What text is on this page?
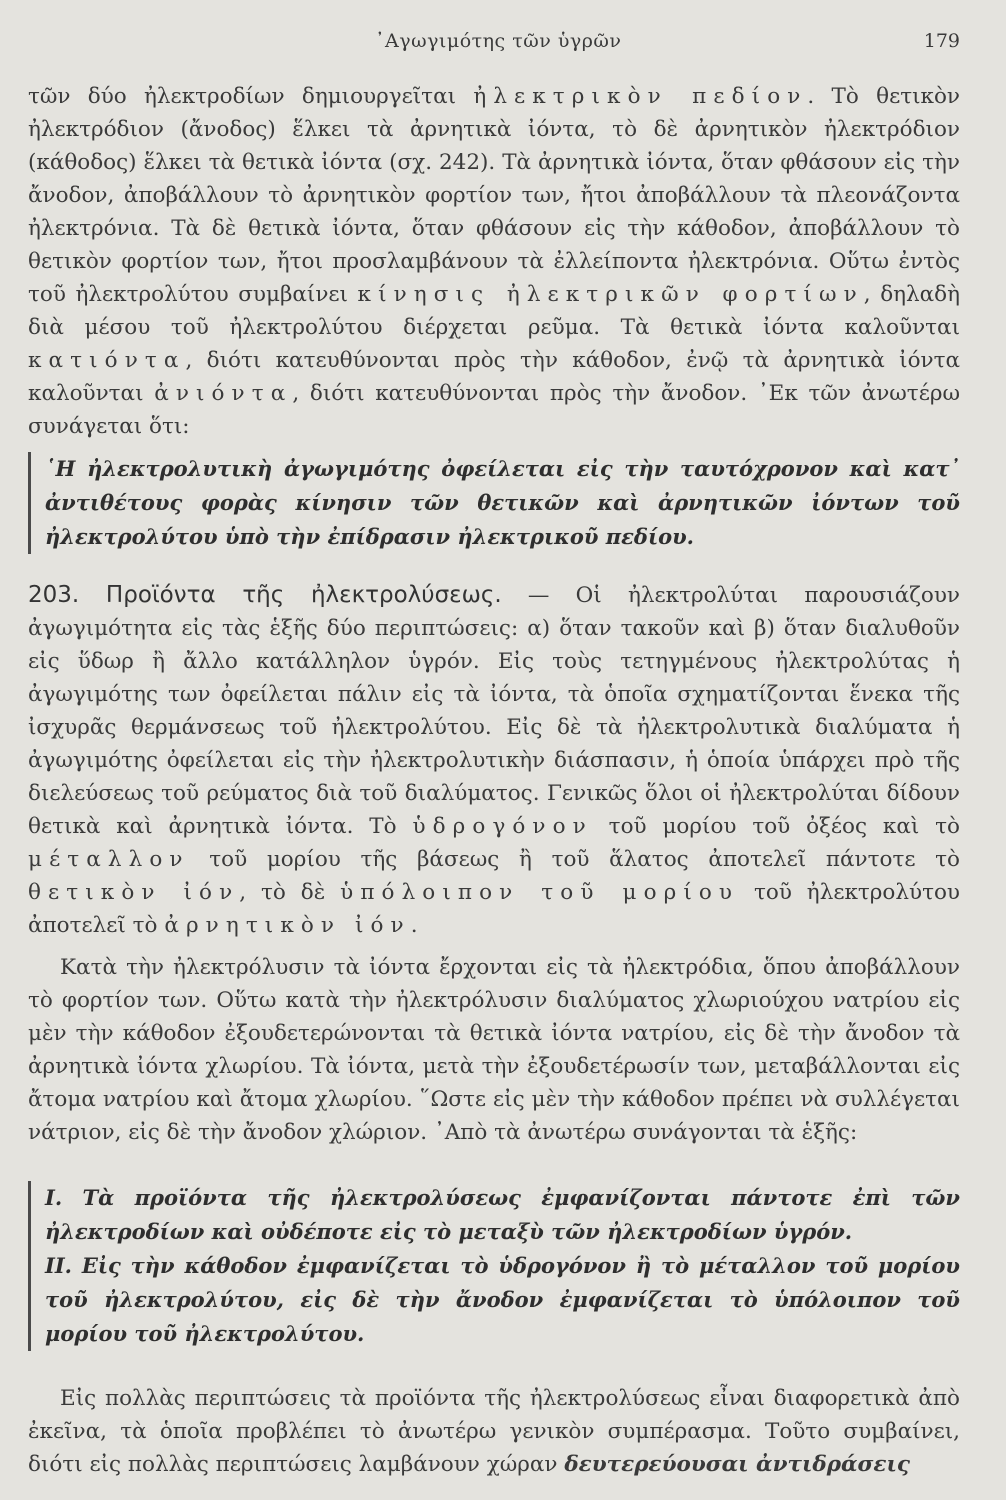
᾿Αγωγιμότης τῶν ὑγρῶν	179

τῶν δύο ἠλεκτροδίων δημιουργεῖται ἠλεκτρικὸν πεδίον. Τὸ θετικὸν ἠλεκτρόδιον (ἄνοδος) ἕλκει τὰ ἀρνητικὰ ἰόντα, τὸ δὲ ἀρνητικὸν ἠλεκτρόδιον (κάθοδος) ἕλκει τὰ θετικὰ ἰόντα (σχ. 242). Τὰ ἀρνητικὰ ἰόντα, ὅταν φθάσουν εἰς τὴν ἄνοδον, ἀποβάλλουν τὸ ἀρνητικὸν φορτίον των, ἤτοι ἀποβάλλουν τὰ πλεονάζοντα ἠλεκτρόνια. Τὰ δὲ θετικὰ ἰόντα, ὅταν φθάσουν εἰς τὴν κάθοδον, ἀποβάλλουν τὸ θετικὸν φορτίον των, ἤτοι προσλαμβάνουν τὰ ἐλλείποντα ἠλεκτρόνια. Οὕτω ἐντὸς τοῦ ἠλεκτρολύτου συμβαίνει κίνησις ἠλεκτρικῶν φορτίων, δηλαδὴ διὰ μέσου τοῦ ἠλεκτρολύτου διέρχεται ρεῦμα. Τὰ θετικὰ ἰόντα καλοῦνται κατιόντα, διότι κατευθύνονται πρὸς τὴν κάθοδον, ἐνῷ τὰ ἀρνητικὰ ἰόντα καλοῦνται ἀνιόντα, διότι κατευθύνονται πρὸς τὴν ἄνοδον. ᾿Εκ τῶν ἀνωτέρω συνάγεται ὅτι:

῾Η ἠλεκτρολυτικὴ ἀγωγιμότης ὀφείλεται εἰς τὴν ταυτόχρονον καὶ κατ᾿ ἀντιθέτους φορὰς κίνησιν τῶν θετικῶν καὶ ἀρνητικῶν ἰόντων τοῦ ἠλεκτρολύτου ὑπὸ τὴν ἐπίδρασιν ἠλεκτρικοῦ πεδίου.

203. Προϊόντα τῆς ἠλεκτρολύσεως. — Οἱ ἠλεκτρολύται παρουσιάζουν ἀγωγιμότητα εἰς τὰς ἑξῆς δύο περιπτώσεις: α) ὅταν τακοῦν καὶ β) ὅταν διαλυθοῦν εἰς ὕδωρ ἢ ἄλλο κατάλληλον ὑγρόν. Εἰς τοὺς τετηγμένους ἠλεκτρολύτας ἡ ἀγωγιμότης των ὀφείλεται πάλιν εἰς τὰ ἰόντα, τὰ ὁποῖα σχηματίζονται ἕνεκα τῆς ἰσχυρᾶς θερμάνσεως τοῦ ἠλεκτρολύτου. Εἰς δὲ τὰ ἠλεκτρολυτικὰ διαλύματα ἡ ἀγωγιμότης ὀφείλεται εἰς τὴν ἠλεκτρολυτικὴν διάσπασιν, ἡ ὁποία ὑπάρχει πρὸ τῆς διελεύσεως τοῦ ρεύματος διὰ τοῦ διαλύματος. Γενικῶς ὅλοι οἱ ἠλεκτρολύται δίδουν θετικὰ καὶ ἀρνητικὰ ἰόντα. Τὸ ὑδρογόνον τοῦ μορίου τοῦ ὀξέος καὶ τὸ μέταλλον τοῦ μορίου τῆς βάσεως ἢ τοῦ ἅλατος ἀποτελεῖ πάντοτε τὸ θετικὸν ἰόν, τὸ δὲ ὑπόλοιπον τοῦ μορίου τοῦ ἠλεκτρολύτου ἀποτελεῖ τὸ ἀρνητικὸν ἰόν.

Κατὰ τὴν ἠλεκτρόλυσιν τὰ ἰόντα ἔρχονται εἰς τὰ ἠλεκτρόδια, ὅπου ἀποβάλλουν τὸ φορτίον των. Οὕτω κατὰ τὴν ἠλεκτρόλυσιν διαλύματος χλωριούχου νατρίου εἰς μὲν τὴν κάθοδον ἐξουδετερώνονται τὰ θετικὰ ἰόντα νατρίου, εἰς δὲ τὴν ἄνοδον τὰ ἀρνητικὰ ἰόντα χλωρίου. Τὰ ἰόντα, μετὰ τὴν ἐξουδετέρωσίν των, μεταβάλλονται εἰς ἄτομα νατρίου καὶ ἄτομα χλωρίου. ῞Ωστε εἰς μὲν τὴν κάθοδον πρέπει νὰ συλλέγεται νάτριον, εἰς δὲ τὴν ἄνοδον χλώριον. ᾿Απὸ τὰ ἀνωτέρω συνάγονται τὰ ἑξῆς:

I. Τὰ προϊόντα τῆς ἠλεκτρολύσεως ἐμφανίζονται πάντοτε ἐπὶ τῶν ἠλεκτροδίων καὶ οὐδέποτε εἰς τὸ μεταξὺ τῶν ἠλεκτροδίων ὑγρόν.

II. Εἰς τὴν κάθοδον ἐμφανίζεται τὸ ὑδρογόνον ἢ τὸ μέταλλον τοῦ μορίου τοῦ ἠλεκτρολύτου, εἰς δὲ τὴν ἄνοδον ἐμφανίζεται τὸ ὑπόλοιπον τοῦ μορίου τοῦ ἠλεκτρολύτου.

Εἰς πολλὰς περιπτώσεις τὰ προϊόντα τῆς ἠλεκτρολύσεως εἶναι διαφορετικὰ ἀπὸ ἐκεῖνα, τὰ ὁποῖα προβλέπει τὸ ἀνωτέρω γενικὸν συμπέρασμα. Τοῦτο συμβαίνει, διότι εἰς πολλὰς περιπτώσεις λαμβάνουν χώραν δευτερεύουσαι ἀντιδράσεις
